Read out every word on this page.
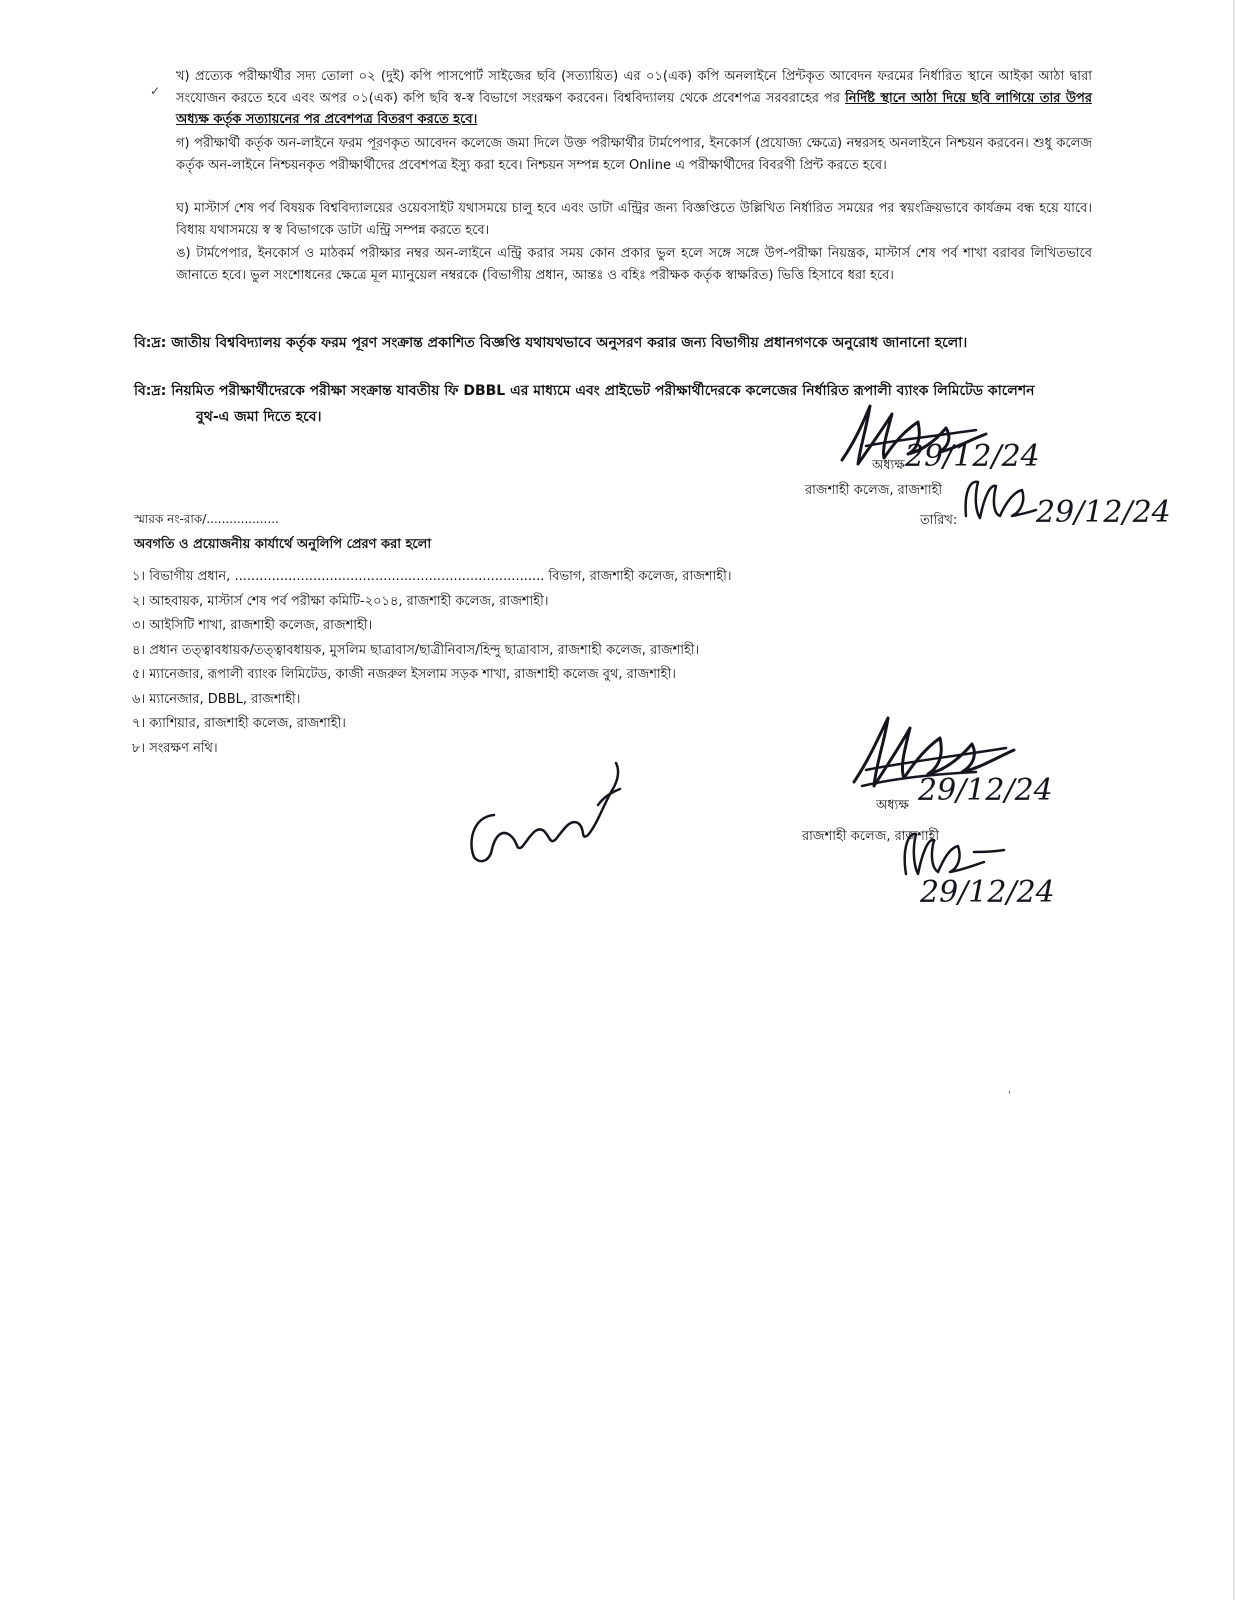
✓

খ) প্রত্যেক পরীক্ষার্থীর সদ্য তোলা ০২ (দুই) কপি পাসপোর্ট সাইজের ছবি (সত্যায়িত) এর ০১(এক) কপি অনলাইনে প্রিন্টকৃত আবেদন ফরমের নির্ধারিত স্থানে আইকা আঠা দ্বারা সংযোজন করতে হবে এবং অপর ০১(এক) কপি ছবি স্ব-স্ব বিভাগে সংরক্ষণ করবেন। বিশ্ববিদ্যালয় থেকে প্রবেশপত্র সরবরাহের পর নির্দিষ্ট স্থানে আঠা দিয়ে ছবি লাগিয়ে তার উপর অধ্যক্ষ কর্তৃক সত্যায়নের পর প্রবেশপত্র বিতরণ করতে হবে।

গ) পরীক্ষার্থী কর্তৃক অন-লাইনে ফরম পূরণকৃত আবেদন কলেজে জমা দিলে উক্ত পরীক্ষার্থীর টার্মপেপার, ইনকোর্স (প্রযোজ্য ক্ষেত্রে) নম্বরসহ অনলাইনে নিশ্চয়ন করবেন। শুধু কলেজ কর্তৃক অন-লাইনে নিশ্চয়নকৃত পরীক্ষার্থীদের প্রবেশপত্র ইস্যু করা হবে। নিশ্চয়ন সম্পন্ন হলে Online এ পরীক্ষার্থীদের বিবরণী প্রিন্ট করতে হবে।

ঘ) মাস্টার্স শেষ পর্ব বিষয়ক বিশ্ববিদ্যালয়ের ওয়েবসাইট যথাসময়ে চালু হবে এবং ডাটা এন্ট্রির জন্য বিজ্ঞপ্তিতে উল্লিখিত নির্ধারিত সময়ের পর স্বয়ংক্রিয়ভাবে কার্যক্রম বন্ধ হয়ে যাবে। বিধায় যথাসময়ে স্ব স্ব বিভাগকে ডাটা এন্ট্রি সম্পন্ন করতে হবে।

ঙ) টার্মপেপার, ইনকোর্স ও মাঠকর্ম পরীক্ষার নম্বর অন-লাইনে এন্ট্রি করার সময় কোন প্রকার ভুল হলে সঙ্গে সঙ্গে উপ-পরীক্ষা নিয়ন্ত্রক, মাস্টার্স শেষ পর্ব শাখা বরাবর লিখিতভাবে জানাতে হবে। ভুল সংশোধনের ক্ষেত্রে মূল ম্যানুয়েল নম্বরকে (বিভাগীয় প্রধান, আন্তঃ ও বহিঃ পরীক্ষক কর্তৃক স্বাক্ষরিত) ভিত্তি হিসাবে ধরা হবে।

বি:দ্র: জাতীয় বিশ্ববিদ্যালয় কর্তৃক ফরম পূরণ সংক্রান্ত প্রকাশিত বিজ্ঞপ্তি যথাযথভাবে অনুসরণ করার জন্য বিভাগীয় প্রধানগণকে অনুরোধ জানানো হলো।

বি:দ্র: নিয়মিত পরীক্ষার্থীদেরকে পরীক্ষা সংক্রান্ত যাবতীয় ফি DBBL এর মাধ্যমে এবং প্রাইভেট পরীক্ষার্থীদেরকে কলেজের নির্ধারিত রূপালী ব্যাংক লিমিটেড কালেশন

বুথ-এ জমা দিতে হবে।

অধ্যক্ষ 29/12/24
রাজশাহী কলেজ, রাজশাহী
29/12/24
তারিখ:
স্মারক নং-রাক/...................
অবগতি ও প্রয়োজনীয় কার্যার্থে অনুলিপি প্রেরণ করা হলো
১। বিভাগীয় প্রধান, ........................................................................... বিভাগ, রাজশাহী কলেজ, রাজশাহী।
২। আহবায়ক, মাস্টার্স শেষ পর্ব পরীক্ষা কমিটি-২০১৪, রাজশাহী কলেজ, রাজশাহী।
৩। আইসিটি শাখা, রাজশাহী কলেজ, রাজশাহী।
৪। প্রধান তত্ত্বাবধায়ক/তত্ত্বাবধায়ক, মুসলিম ছাত্রাবাস/ছাত্রীনিবাস/হিন্দু ছাত্রাবাস, রাজশাহী কলেজ, রাজশাহী।
৫। ম্যানেজার, রূপালী ব্যাংক লিমিটেড, কাজী নজরুল ইসলাম সড়ক শাখা, রাজশাহী কলেজ বুথ, রাজশাহী।
৬। ম্যানেজার, DBBL, রাজশাহী।
৭। ক্যাশিয়ার, রাজশাহী কলেজ, রাজশাহী।
৮। সংরক্ষণ নথি।
অধ্যক্ষ 29/12/24
রাজশাহী কলেজ, রাজশাহী
29/12/24
'
